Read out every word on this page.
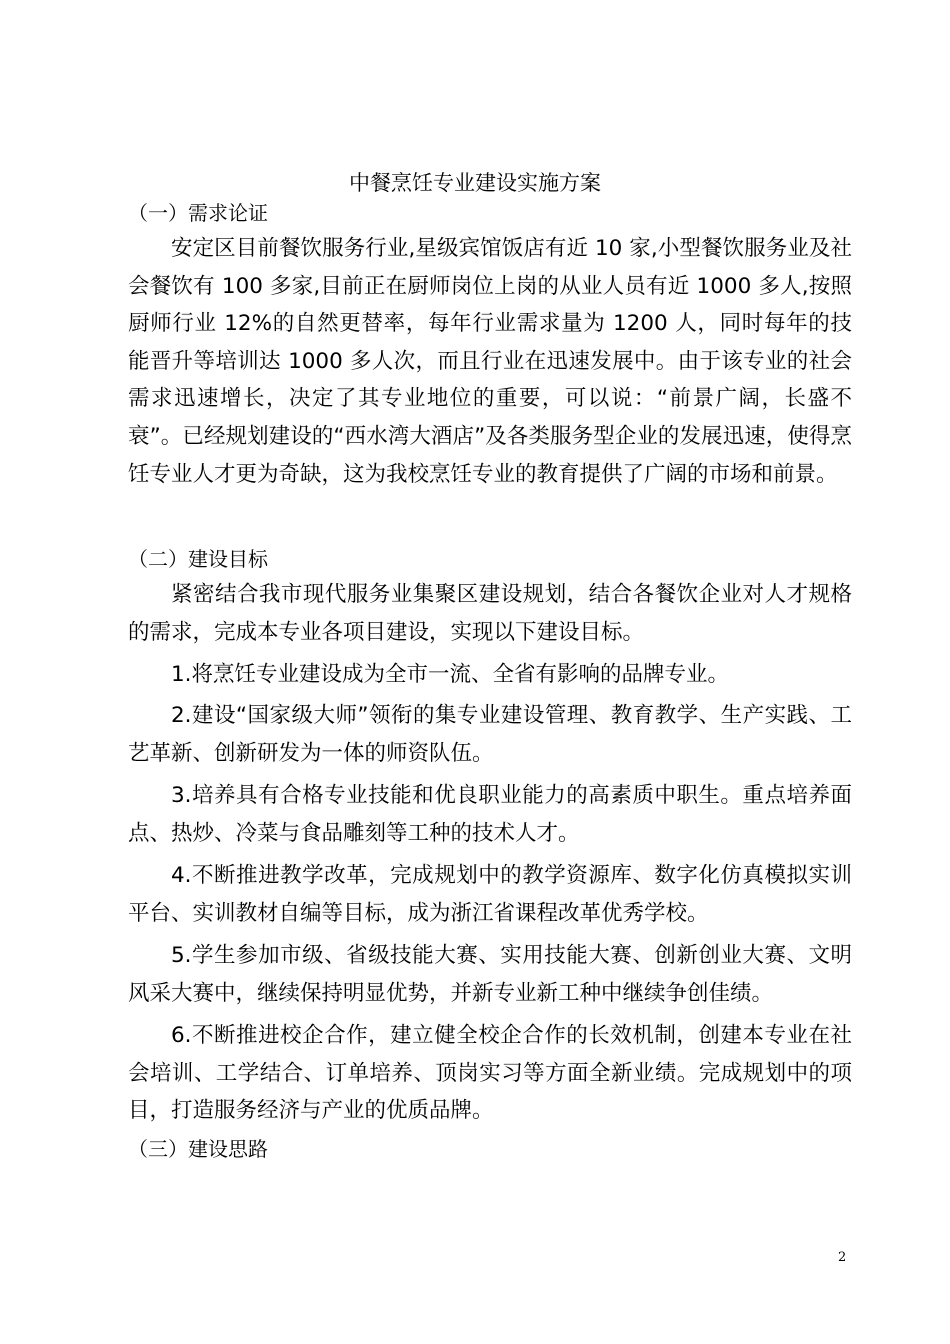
中餐烹饪专业建设实施方案
（一）需求论证

安定区目前餐饮服务行业,星级宾馆饭店有近 10 家,小型餐饮服务业及社会餐饮有 100 多家,目前正在厨师岗位上岗的从业人员有近 1000 多人,按照厨师行业 12%的自然更替率，每年行业需求量为 1200 人，同时每年的技能晋升等培训达 1000 多人次，而且行业在迅速发展中。由于该专业的社会需求迅速增长，决定了其专业地位的重要，可以说：“前景广阔，长盛不衰”。已经规划建设的“西水湾大酒店”及各类服务型企业的发展迅速，使得烹饪专业人才更为奇缺，这为我校烹饪专业的教育提供了广阔的市场和前景。

（二）建设目标

紧密结合我市现代服务业集聚区建设规划，结合各餐饮企业对人才规格的需求，完成本专业各项目建设，实现以下建设目标。

1.将烹饪专业建设成为全市一流、全省有影响的品牌专业。

2.建设“国家级大师”领衔的集专业建设管理、教育教学、生产实践、工艺革新、创新研发为一体的师资队伍。

3.培养具有合格专业技能和优良职业能力的高素质中职生。重点培养面点、热炒、冷菜与食品雕刻等工种的技术人才。

4.不断推进教学改革，完成规划中的教学资源库、数字化仿真模拟实训平台、实训教材自编等目标，成为浙江省课程改革优秀学校。

5.学生参加市级、省级技能大赛、实用技能大赛、创新创业大赛、文明风采大赛中，继续保持明显优势，并新专业新工种中继续争创佳绩。

6.不断推进校企合作，建立健全校企合作的长效机制，创建本专业在社会培训、工学结合、订单培养、顶岗实习等方面全新业绩。完成规划中的项目，打造服务经济与产业的优质品牌。

（三）建设思路
2
